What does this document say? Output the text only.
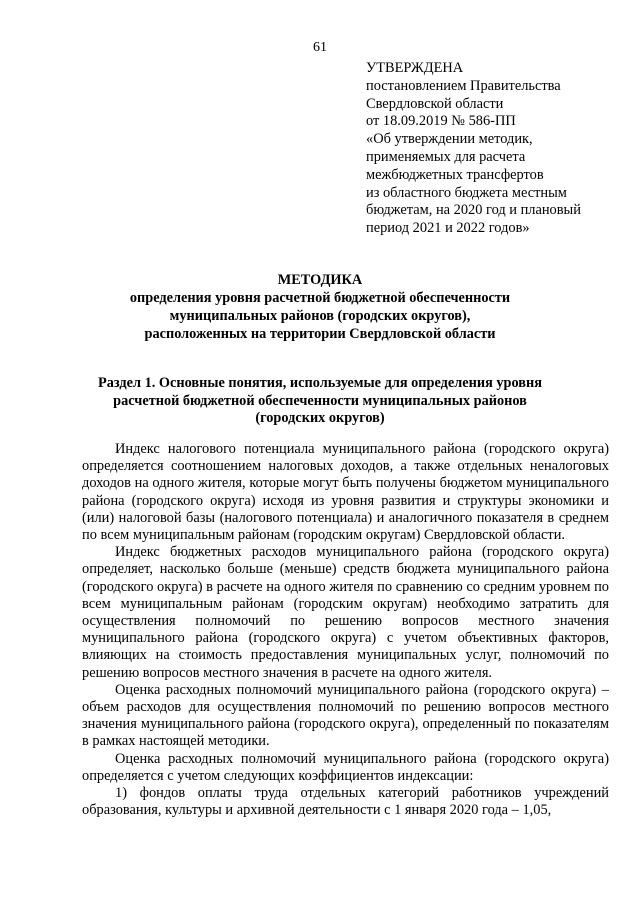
61
УТВЕРЖДЕНА
постановлением Правительства
Свердловской области
от 18.09.2019 № 586-ПП
«Об утверждении методик,
применяемых для расчета
межбюджетных трансфертов
из областного бюджета местным
бюджетам, на 2020 год и плановый
период 2021 и 2022 годов»
МЕТОДИКА
определения уровня расчетной бюджетной обеспеченности
муниципальных районов (городских округов),
расположенных на территории Свердловской области
Раздел 1. Основные понятия, используемые для определения уровня
расчетной бюджетной обеспеченности муниципальных районов
(городских округов)

Индекс налогового потенциала муниципального района (городского округа) определяется соотношением налоговых доходов, а также отдельных неналоговых доходов на одного жителя, которые могут быть получены бюджетом муниципального района (городского округа) исходя из уровня развития и структуры экономики и (или) налоговой базы (налогового потенциала) и аналогичного показателя в среднем по всем муниципальным районам (городским округам) Свердловской области.

Индекс бюджетных расходов муниципального района (городского округа) определяет, насколько больше (меньше) средств бюджета муниципального района (городского округа) в расчете на одного жителя по сравнению со средним уровнем по всем муниципальным районам (городским округам) необходимо затратить для осуществления полномочий по решению вопросов местного значения муниципального района (городского округа) с учетом объективных факторов, влияющих на стоимость предоставления муниципальных услуг, полномочий по решению вопросов местного значения в расчете на одного жителя.

Оценка расходных полномочий муниципального района (городского округа) – объем расходов для осуществления полномочий по решению вопросов местного значения муниципального района (городского округа), определенный по показателям в рамках настоящей методики.

Оценка расходных полномочий муниципального района (городского округа) определяется с учетом следующих коэффициентов индексации:

1) фондов оплаты труда отдельных категорий работников учреждений образования, культуры и архивной деятельности с 1 января 2020 года – 1,05,
